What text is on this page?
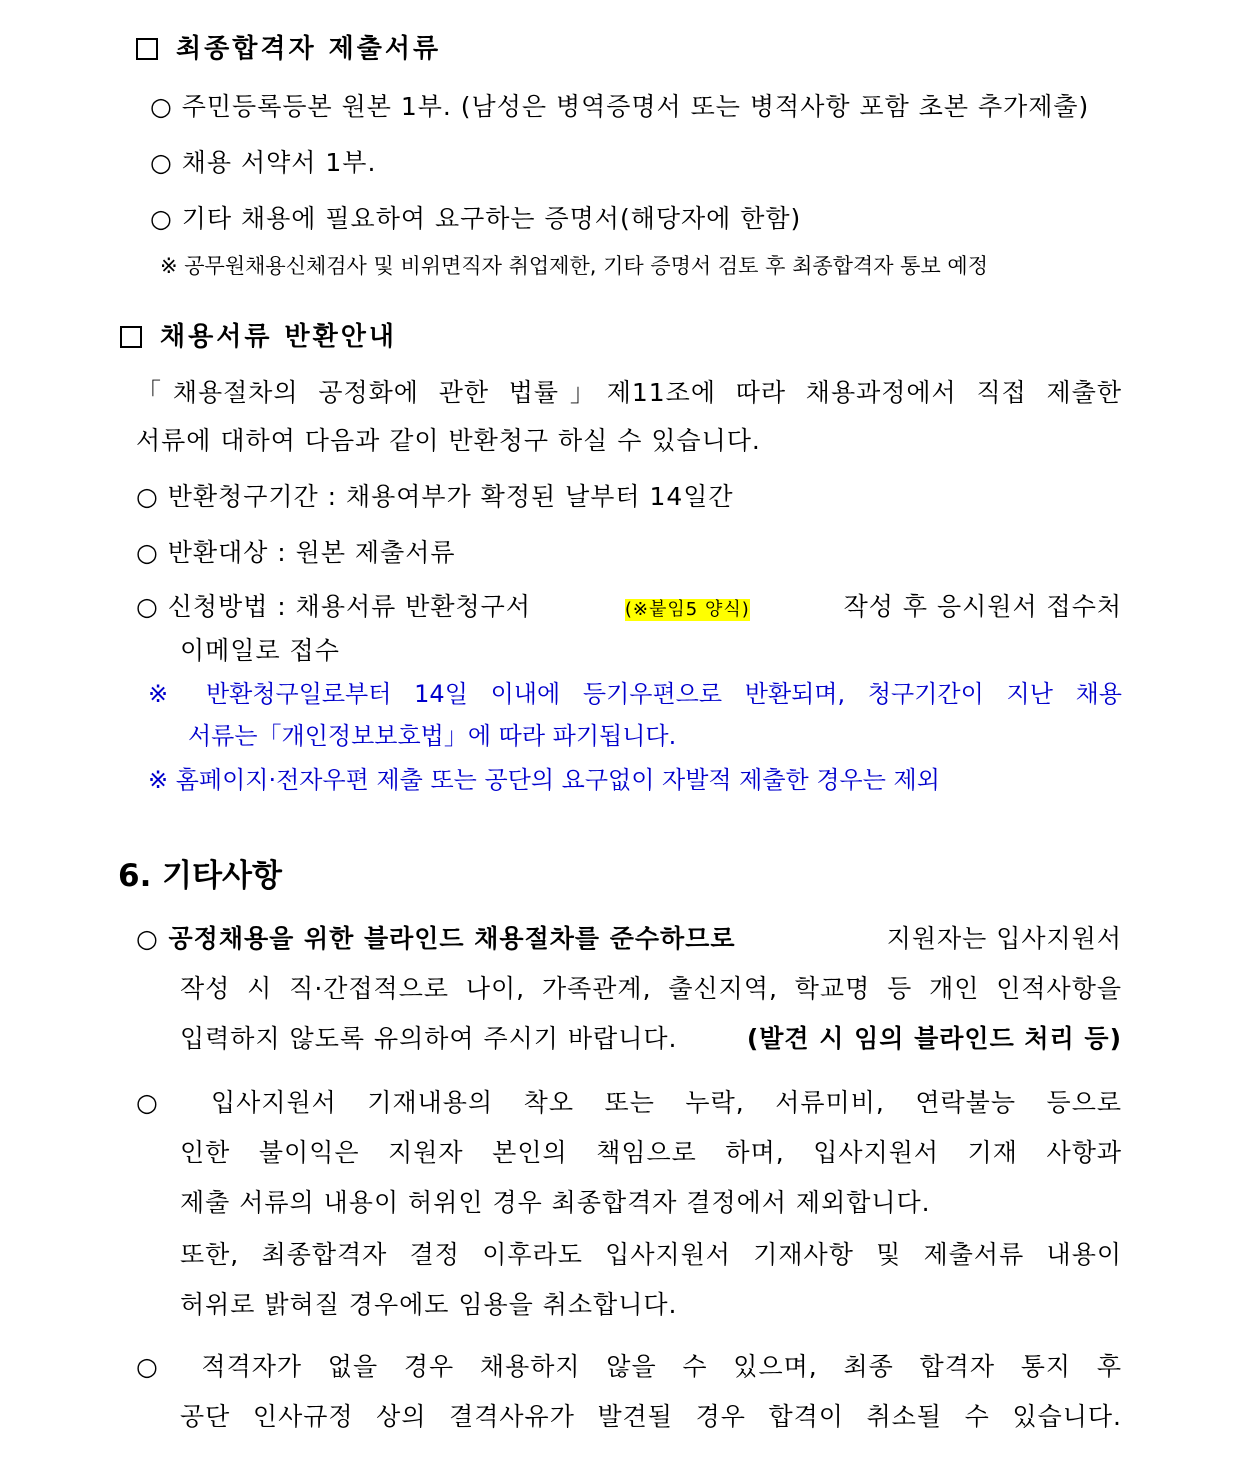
최종합격자 제출서류
○ 주민등록등본 원본 1부. (남성은 병역증명서 또는 병적사항 포함 초본 추가제출)
○ 채용 서약서 1부.
○ 기타 채용에 필요하여 요구하는 증명서(해당자에 한함)
※ 공무원채용신체검사 및 비위면직자 취업제한, 기타 증명서 검토 후 최종합격자 통보 예정
채용서류 반환안내
「채용절차의 공정화에 관한 법률」제11조에 따라 채용과정에서 직접 제출한
서류에 대하여 다음과 같이 반환청구 하실 수 있습니다.
○ 반환청구기간 : 채용여부가 확정된 날부터 14일간
○ 반환대상 : 원본 제출서류
○ 신청방법 : 채용서류 반환청구서	(※붙임5 양식)	작성 후 응시원서 접수처
이메일로 접수
※ 반환청구일로부터 14일 이내에 등기우편으로 반환되며, 청구기간이 지난 채용
서류는「개인정보보호법」에 따라 파기됩니다.
※ 홈페이지·전자우편 제출 또는 공단의 요구없이 자발적 제출한 경우는 제외
6. 기타사항
○ 공정채용을 위한 블라인드 채용절차를 준수하므로	지원자는 입사지원서
작성 시 직·간접적으로 나이, 가족관계, 출신지역, 학교명 등 개인 인적사항을
입력하지 않도록 유의하여 주시기 바랍니다.	(발견 시 임의 블라인드 처리 등)
○ 입사지원서 기재내용의 착오 또는 누락, 서류미비, 연락불능 등으로
인한 불이익은 지원자 본인의 책임으로 하며, 입사지원서 기재 사항과
제출 서류의 내용이 허위인 경우 최종합격자 결정에서 제외합니다.
또한, 최종합격자 결정 이후라도 입사지원서 기재사항 및 제출서류 내용이
허위로 밝혀질 경우에도 임용을 취소합니다.
○ 적격자가 없을 경우 채용하지 않을 수 있으며, 최종 합격자 통지 후
공단 인사규정 상의 결격사유가 발견될 경우 합격이 취소될 수 있습니다.
